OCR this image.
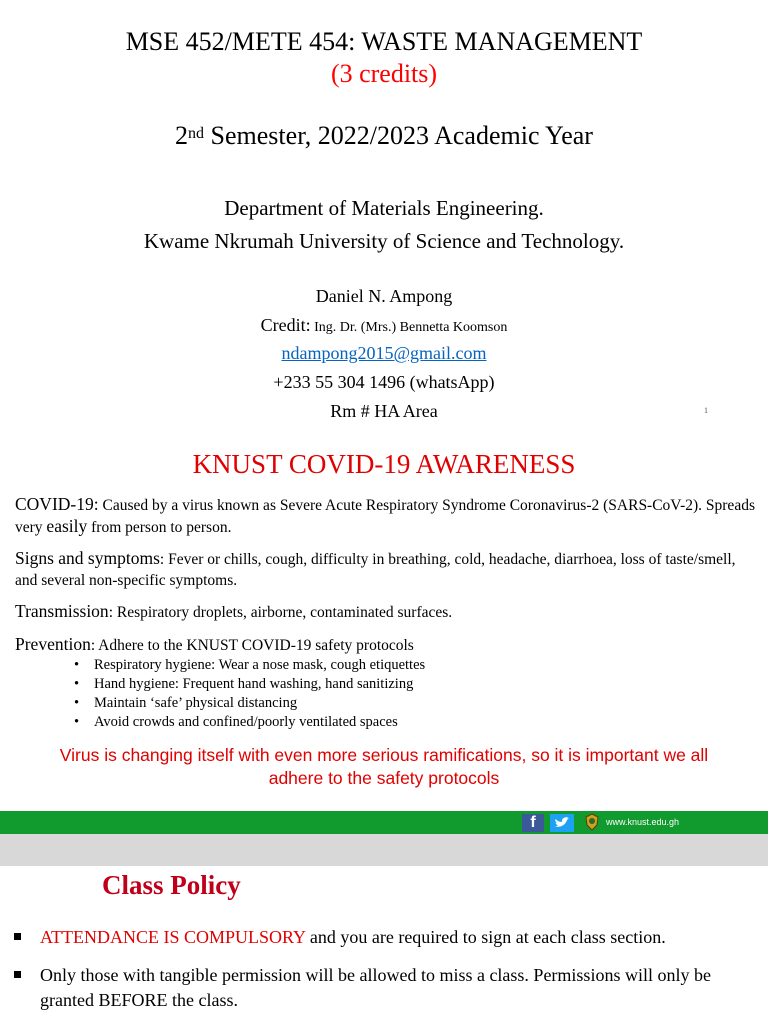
MSE 452/METE 454: WASTE MANAGEMENT
(3 credits)
2nd Semester, 2022/2023 Academic Year
Department of Materials Engineering.
Kwame Nkrumah University of Science and Technology.
Daniel N. Ampong
Credit: Ing. Dr. (Mrs.) Bennetta Koomson
ndampong2015@gmail.com
+233 55 304 1496 (whatsApp)
Rm # HA Area	1
KNUST COVID-19 AWARENESS
COVID-19: Caused by a virus known as Severe Acute Respiratory Syndrome Coronavirus-2 (SARS-CoV-2). Spreads very easily from person to person.
Signs and symptoms: Fever or chills, cough, difficulty in breathing, cold, headache, diarrhoea, loss of taste/smell, and several non-specific symptoms.
Transmission: Respiratory droplets, airborne, contaminated surfaces.
Prevention: Adhere to the KNUST COVID-19 safety protocols
• Respiratory hygiene: Wear a nose mask, cough etiquettes
• Hand hygiene: Frequent hand washing, hand sanitizing
• Maintain ‘safe’ physical distancing
• Avoid crowds and confined/poorly ventilated spaces
Virus is changing itself with even more serious ramifications, so it is important we all
adhere to the safety protocols
f	www.knust.edu.gh
Class Policy
ATTENDANCE IS COMPULSORY and you are required to sign at each class section.
Only those with tangible permission will be allowed to miss a class. Permissions will only be granted BEFORE the class.
